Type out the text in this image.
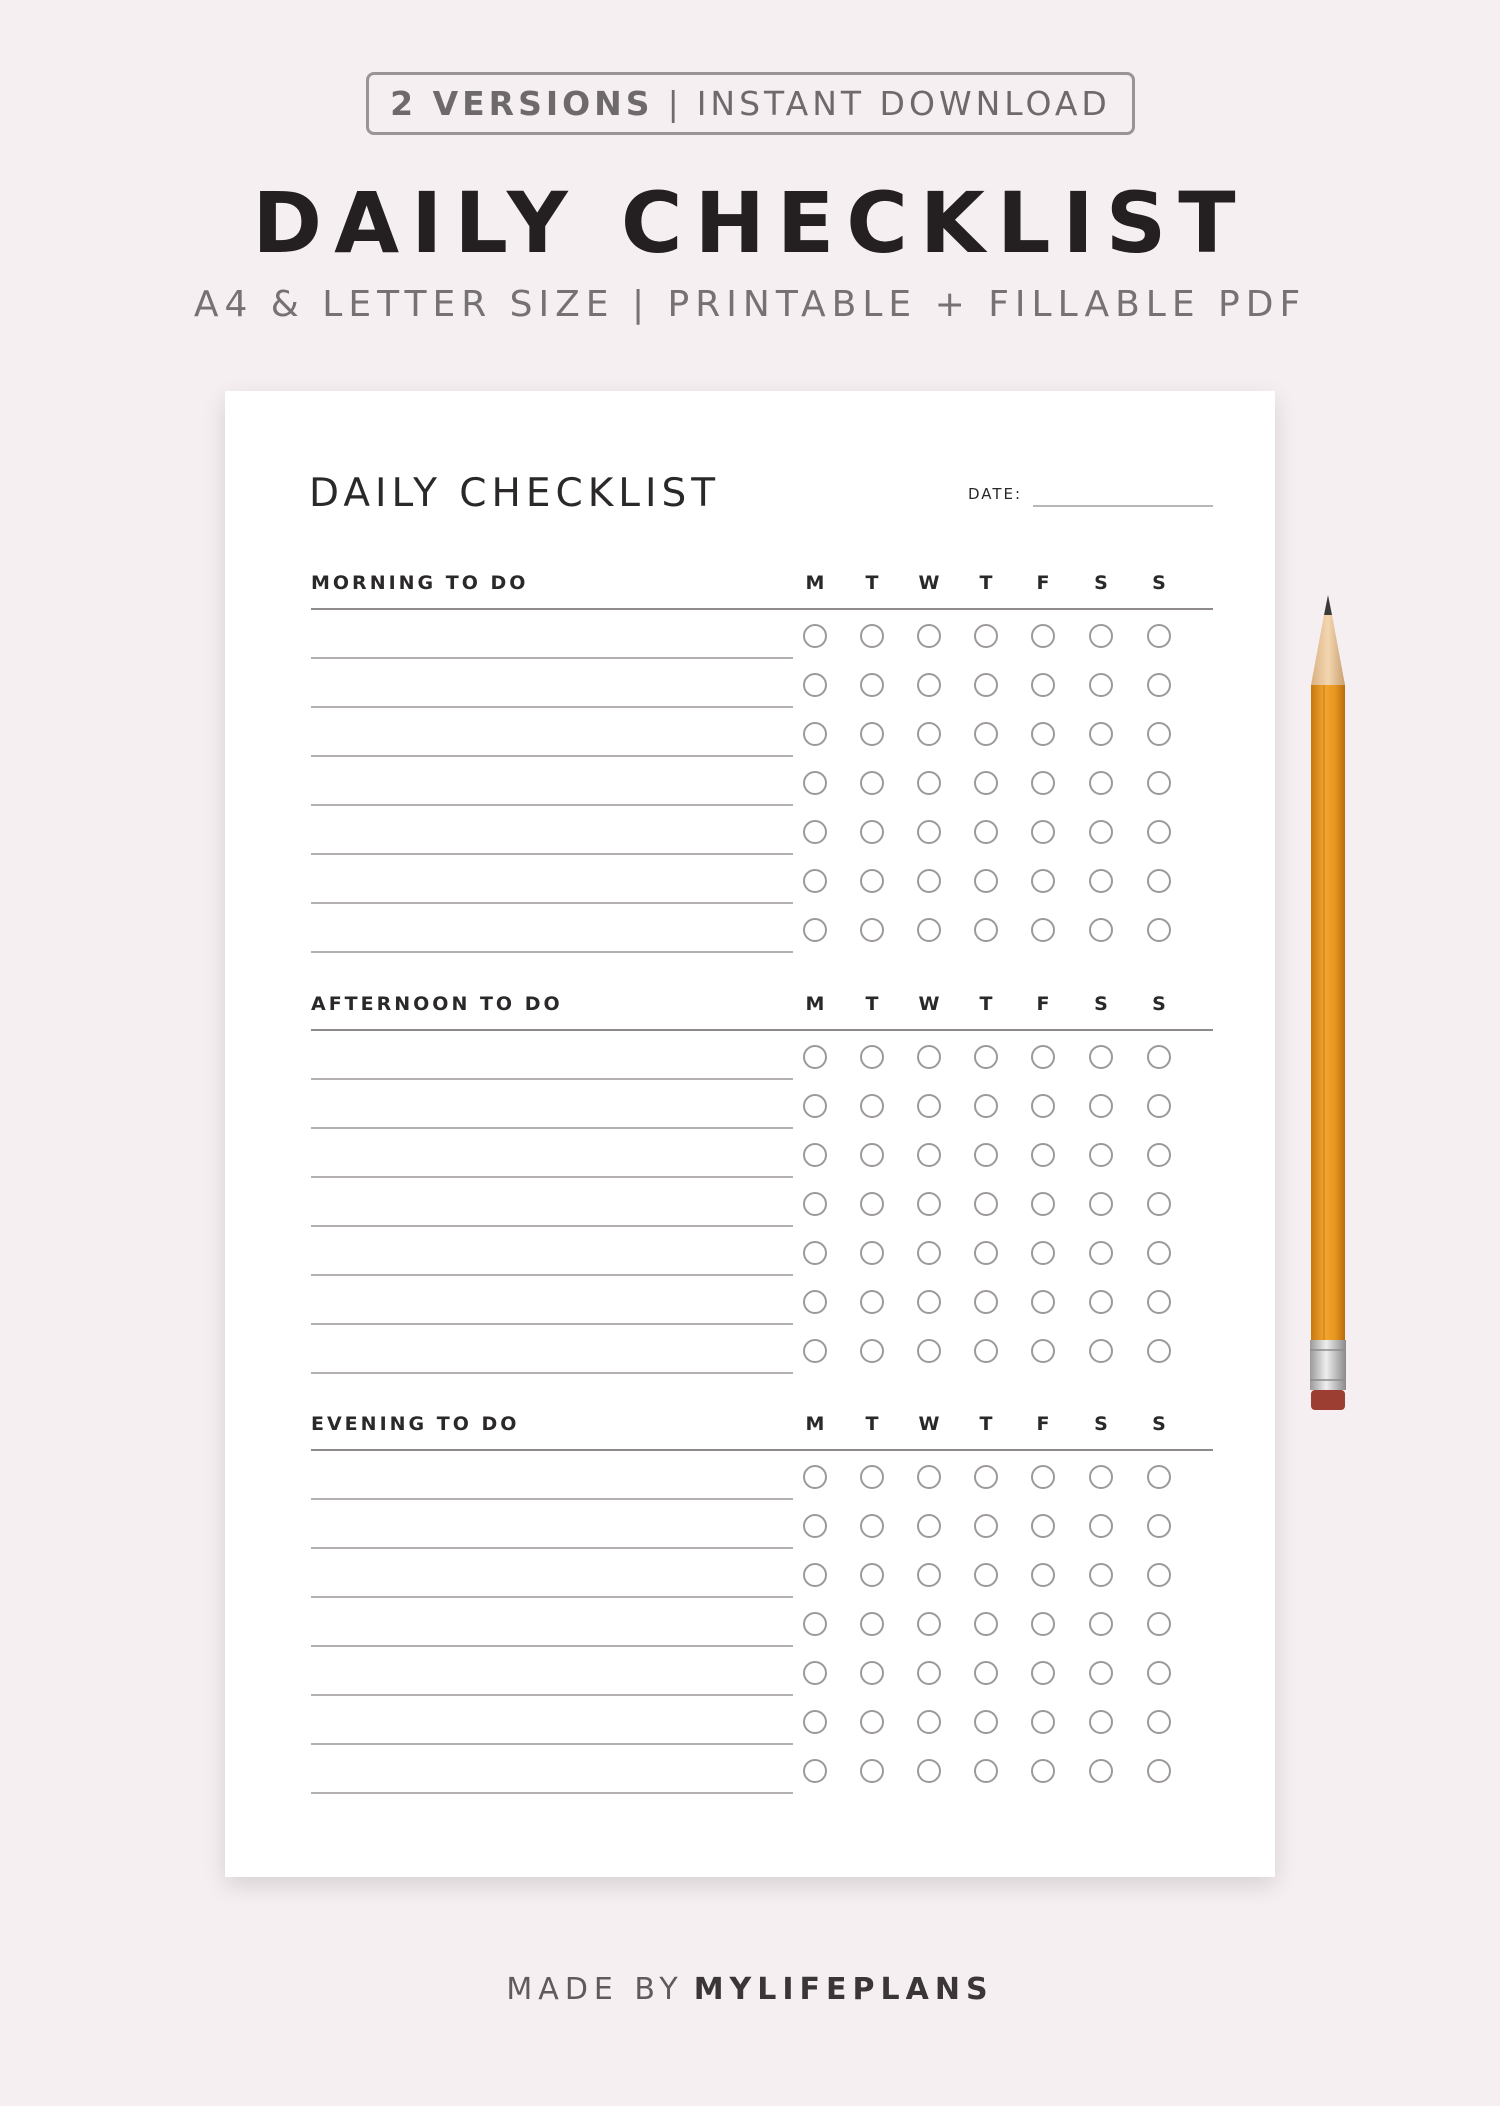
2 VERSIONS | INSTANT DOWNLOAD
DAILY CHECKLIST
A4 & LETTER SIZE | PRINTABLE + FILLABLE PDF
DAILY CHECKLIST	DATE:
MORNING TO DO	M	T	W	T	F	S	S
AFTERNOON TO DO	M	T	W	T	F	S	S
EVENING TO DO	M	T	W	T	F	S	S
MADE BY MYLIFEPLANS
